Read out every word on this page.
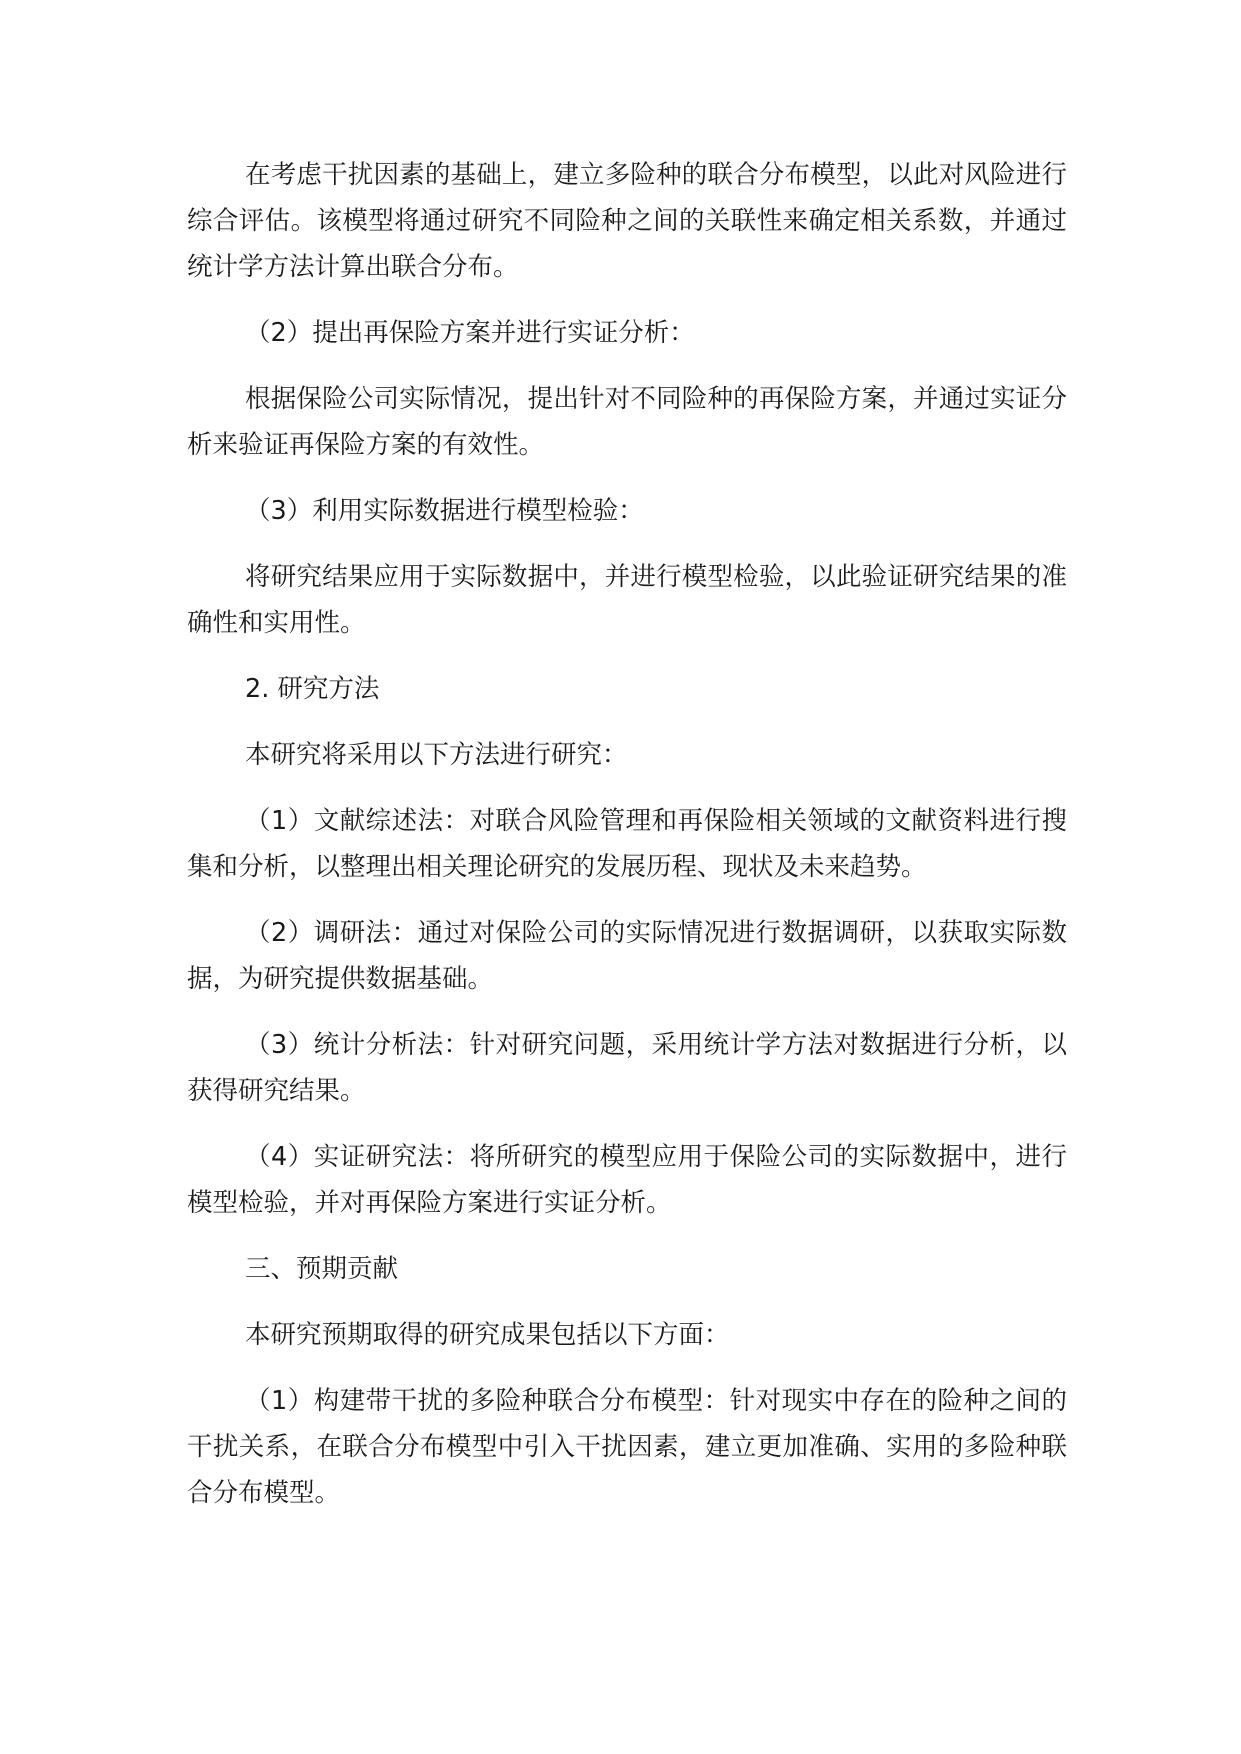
在考虑干扰因素的基础上，建立多险种的联合分布模型，以此对风险进行综合评估。该模型将通过研究不同险种之间的关联性来确定相关系数，并通过统计学方法计算出联合分布。

（2）提出再保险方案并进行实证分析：

根据保险公司实际情况，提出针对不同险种的再保险方案，并通过实证分析来验证再保险方案的有效性。

（3）利用实际数据进行模型检验：

将研究结果应用于实际数据中，并进行模型检验，以此验证研究结果的准确性和实用性。

2. 研究方法

本研究将采用以下方法进行研究：

（1）文献综述法：对联合风险管理和再保险相关领域的文献资料进行搜集和分析，以整理出相关理论研究的发展历程、现状及未来趋势。

（2）调研法：通过对保险公司的实际情况进行数据调研，以获取实际数据，为研究提供数据基础。

（3）统计分析法：针对研究问题，采用统计学方法对数据进行分析，以获得研究结果。

（4）实证研究法：将所研究的模型应用于保险公司的实际数据中，进行模型检验，并对再保险方案进行实证分析。

三、预期贡献

本研究预期取得的研究成果包括以下方面：

（1）构建带干扰的多险种联合分布模型：针对现实中存在的险种之间的干扰关系，在联合分布模型中引入干扰因素，建立更加准确、实用的多险种联合分布模型。
